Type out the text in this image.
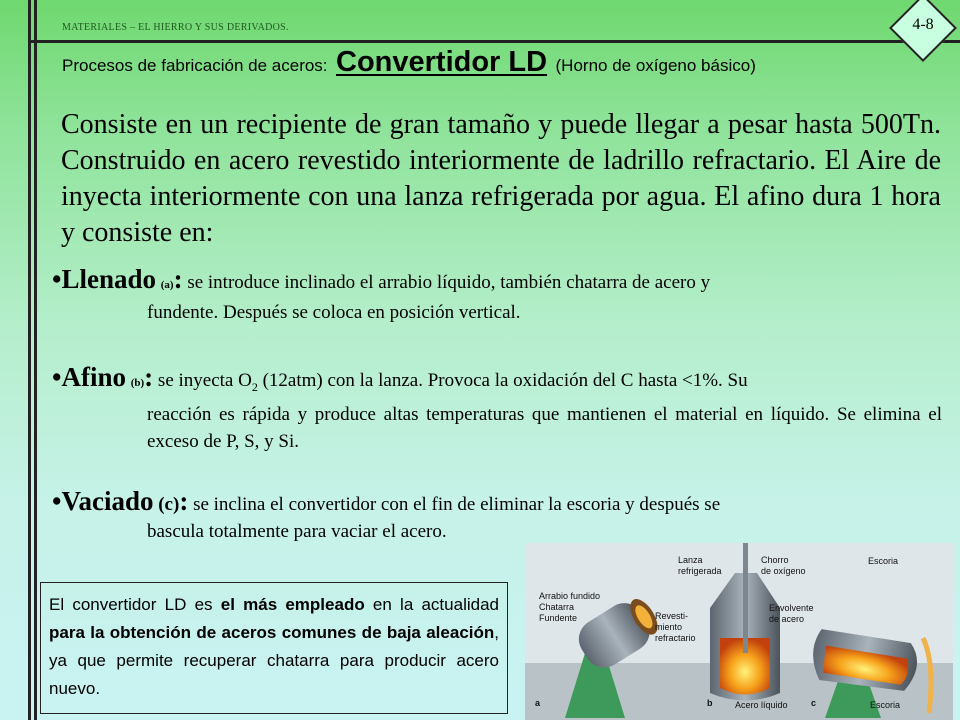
MATERIALES – EL HIERRO Y SUS DERIVADOS.	4-8
Procesos de fabricación de aceros: Convertidor LD (Horno de oxígeno básico)
Consiste en un recipiente de gran tamaño y puede llegar a pesar hasta 500Tn. Construido en acero revestido interiormente de ladrillo refractario. El Aire de inyecta interiormente con una lanza refrigerada por agua. El afino dura 1 hora y consiste en:
•Llenado (a): se introduce inclinado el arrabio líquido, también chatarra de acero y
fundente. Después se coloca en posición vertical.
•Afino (b): se inyecta $O_2$ (12atm) con la lanza. Provoca la oxidación del C hasta <1%. Su
reacción es rápida y produce altas temperaturas que mantienen el material en líquido. Se elimina el exceso de P, S, y Si.
•Vaciado (c): se inclina el convertidor con el fin de eliminar la escoria y después se
bascula totalmente para vaciar el acero.
El convertidor LD es el más empleado en la actualidad para la obtención de aceros comunes de baja aleación, ya que permite recuperar chatarra para producir acero nuevo.
Arrabio fundido
Chatarra
Fundente
Lanza
refrigerada
Chorro
de oxígeno
Escoria
Revesti-
miento
refractario
Envolvente
de acero
a	b	Acero líquido	c	Escoria
